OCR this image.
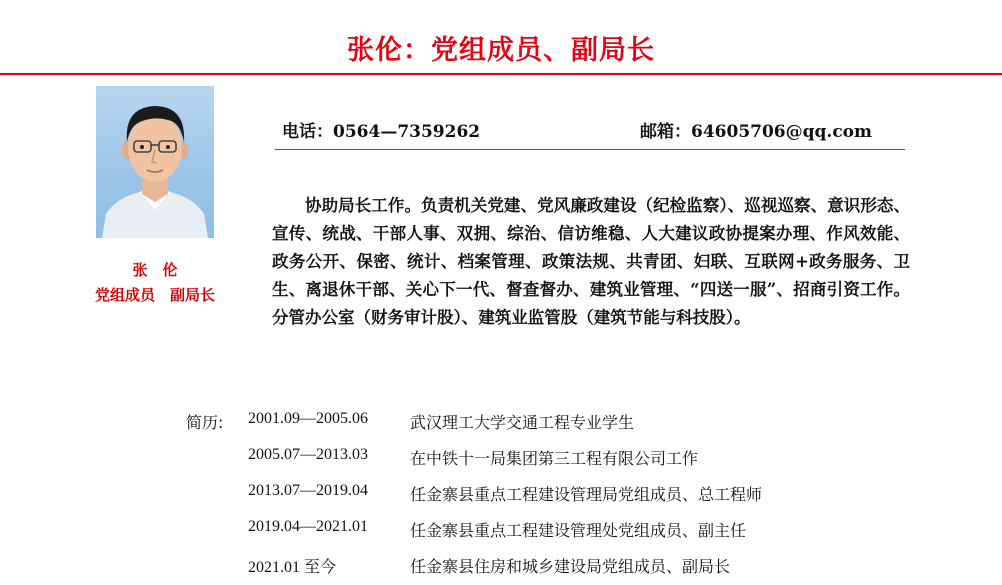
张伦：党组成员、副局长
张　伦
党组成员　副局长
电话：0564—7359262	邮箱：64605706@qq.com

协助局长工作。负责机关党建、党风廉政建设（纪检监察）、巡视巡察、意识形态、宣传、统战、干部人事、双拥、综治、信访维稳、人大建议政协提案办理、作风效能、政务公开、保密、统计、档案管理、政策法规、共青团、妇联、互联网+政务服务、卫生、离退休干部、关心下一代、督查督办、建筑业管理、“四送一服”、招商引资工作。分管办公室（财务审计股）、建筑业监管股（建筑节能与科技股）。

简历: 2001.09—2005.06	武汉理工大学交通工程专业学生
2005.07—2013.03	在中铁十一局集团第三工程有限公司工作
2013.07—2019.04	任金寨县重点工程建设管理局党组成员、总工程师
2019.04—2021.01	任金寨县重点工程建设管理处党组成员、副主任
2021.01 至今	任金寨县住房和城乡建设局党组成员、副局长
